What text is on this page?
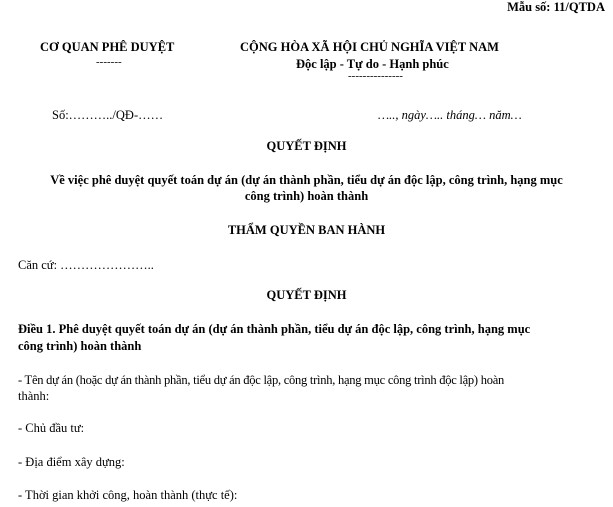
Mẫu số: 11/QTDA
CƠ QUAN PHÊ DUYỆT
-------
CỘNG HÒA XÃ HỘI CHỦ NGHĨA VIỆT NAM
Độc lập - Tự do - Hạnh phúc
---------------
Số:………../QĐ-……	….., ngày….. tháng… năm…
QUYẾT ĐỊNH
Về việc phê duyệt quyết toán dự án (dự án thành phần, tiểu dự án độc lập, công trình, hạng mục
công trình) hoàn thành
THẨM QUYỀN BAN HÀNH
Căn cứ: …………………..
QUYẾT ĐỊNH
Điều 1. Phê duyệt quyết toán dự án (dự án thành phần, tiểu dự án độc lập, công trình, hạng mục
công trình) hoàn thành
- Tên dự án (hoặc dự án thành phần, tiểu dự án độc lập, công trình, hạng mục công trình độc lập) hoàn
thành:
- Chủ đầu tư:
- Địa điểm xây dựng:
- Thời gian khởi công, hoàn thành (thực tế):
